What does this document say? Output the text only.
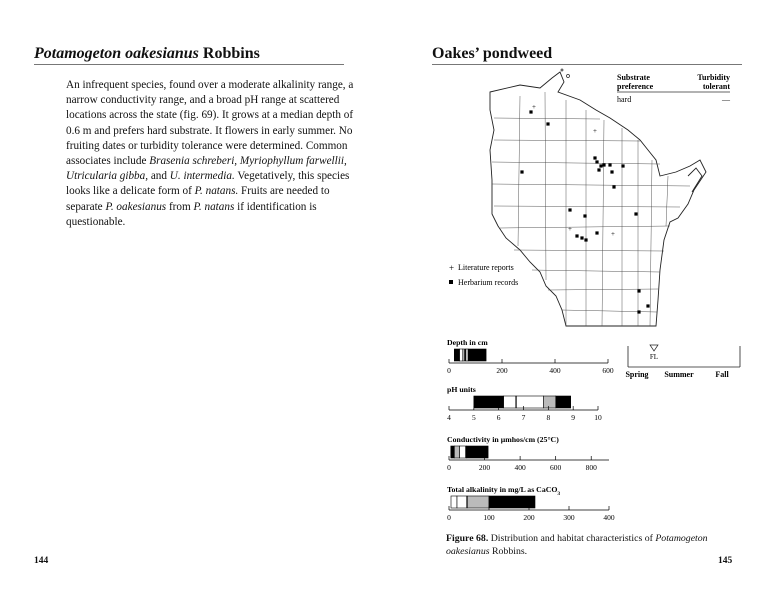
Potamogeton oakesianus Robbins
An infrequent species, found over a moderate alkalinity range, a narrow conductivity range, and a broad pH range at scattered locations across the state (fig. 69). It grows at a median depth of 0.6 m and prefers hard substrate. It flowers in early summer. No fruiting dates or turbidity tolerance were determined. Common associates include Brasenia schreberi, Myriophyllum farwellii, Utricularia gibba, and U. intermedia. Vegetatively, this species looks like a delicate form of P. natans. Fruits are needed to separate P. oakesianus from P. natans if identification is questionable.
144
Oakes’ pondweed
145
Substrate
preference
Turbidity
tolerant
hard	—
+
+
+
+
+ Literature reports
Herbarium records
FL
Spring Summer	Fall
Depth in cm
0	200	400	600
pH units
4	5	6	7	8	9	10
Conductivity in µmhos/cm (25°C)
0	200	400	600	800
Total alkalinity in mg/L as CaCO$_3$
0	100	200	300	400
Figure 68. Distribution and habitat characteristics of Potamogeton oakesianus Robbins.
